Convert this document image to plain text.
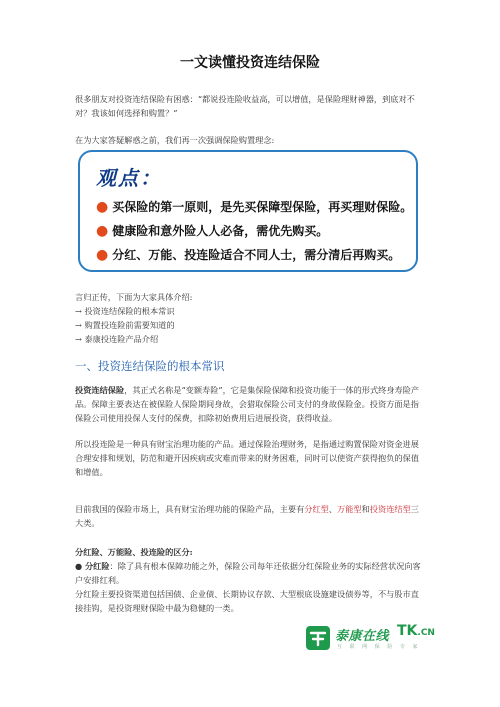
一文读懂投资连结保险
很多朋友对投资连结保险有困惑：“都说投连险收益高，可以增值，是保险理财神器，到底对不对？我该如何选择和购置？”
在为大家答疑解惑之前，我们再一次强调保险购置理念:
观点：
● 买保险的第一原则，是先买保障型保险，再买理财保险。
● 健康险和意外险人人必备，需优先购买。
● 分红、万能、投连险适合不同人士，需分清后再购买。
言归正传，下面为大家具体介绍:
→ 投资连结保险的根本常识
→ 购置投连险前需要知道的
→ 泰康投连险产品介绍
一、投资连结保险的根本常识
投资连结保险，其正式名称是“变额寿险”，它是集保险保障和投资功能于一体的形式终身寿险产品。保障主要表达在被保险人保险期间身故，会猎取保险公司支付的身故保险金。投资方面是指保险公司使用投保人支付的保费，扣除初始费用后进展投资，获得收益。
所以投连险是一种具有财宝治理功能的产品。通过保险治理财务，是指通过购置保险对资金进展合理安排和规划，防范和避开因疾病或灾难而带来的财务困难，同时可以使资产获得抱负的保值和增值。
目前我国的保险市场上，具有财宝治理功能的保险产品，主要有分红型、万能型和投资连结型三大类。
分红险、万能险、投连险的区分:
● 分红险：除了具有根本保障功能之外，保险公司每年还依据分红保险业务的实际经营状况向客户安排红利。
分红险主要投资渠道包括国债、企业债、长期协议存款、大型根底设施建设债券等，不与股市直接挂钩，是投资理财保险中最为稳健的一类。
泰康在线 TK.CN
互 联 网 保 险 专 家
